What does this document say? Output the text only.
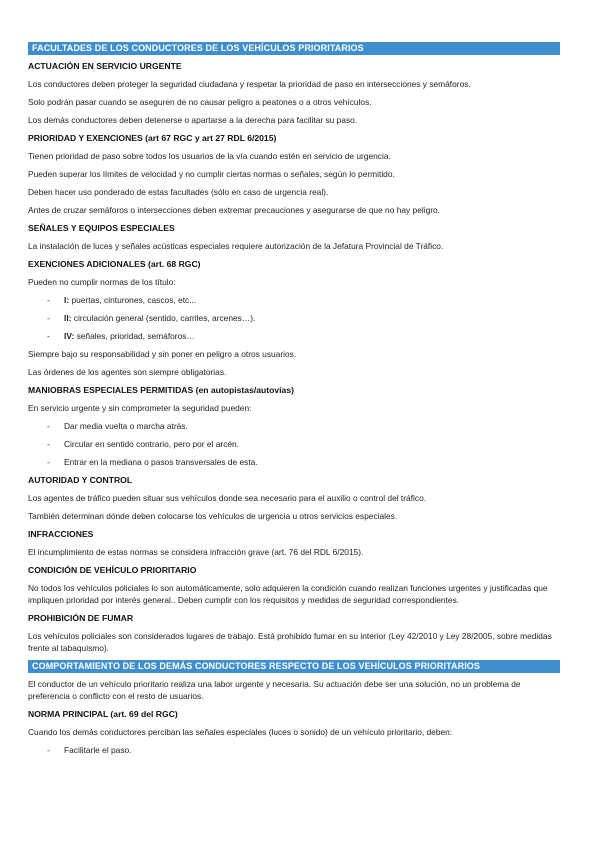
FACULTADES DE LOS CONDUCTORES DE LOS VEHÍCULOS PRIORITARIOS
ACTUACIÓN EN SERVICIO URGENTE
Los conductores deben proteger la seguridad ciudadana y respetar la prioridad de paso en intersecciones y semáforos.
Solo podrán pasar cuando se aseguren de no causar peligro a peatones o a otros vehículos.
Los demás conductores deben detenerse o apartarse a la derecha para facilitar su paso.
PRIORIDAD Y EXENCIONES (art 67 RGC y art 27 RDL 6/2015)
Tienen prioridad de paso sobre todos los usuarios de la vía cuando estén en servicio de urgencia.
Pueden superar los límites de velocidad y no cumplir ciertas normas o señales, según lo permitido.
Deben hacer uso ponderado de estas facultades (sólo en caso de urgencia real).
Antes de cruzar semáforos o intersecciones deben extremar precauciones y asegurarse de que no hay peligro.
SEÑALES Y EQUIPOS ESPECIALES
La instalación de luces y señales acústicas especiales requiere autorización de la Jefatura Provincial de Tráfico.
EXENCIONES ADICIONALES (art. 68 RGC)
Pueden no cumplir normas de los título:
- I: puertas, cinturones, cascos, etc...
- II: circulación general (sentido, carriles, arcenes…).
- IV: señales, prioridad, semáforos…
Siempre bajo su responsabilidad y sin poner en peligro a otros usuarios.
Las órdenes de los agentes son siempre obligatorias.
MANIOBRAS ESPECIALES PERMITIDAS (en autopistas/autovías)
En servicio urgente y sin comprometer la seguridad pueden:
- Dar media vuelta o marcha atrás.
- Circular en sentido contrario, pero por el arcén.
- Entrar en la mediana o pasos transversales de esta.
AUTORIDAD Y CONTROL
Los agentes de tráfico pueden situar sus vehículos donde sea necesario para el auxilio o control del tráfico.
También determinan dónde deben colocarse los vehículos de urgencia u otros servicios especiales.
INFRACCIONES
El incumplimiento de estas normas se considera infracción grave (art. 76 del RDL 6/2015).
CONDICIÓN DE VEHÍCULO PRIORITARIO
No todos los vehículos policiales lo son automáticamente, solo adquieren la condición cuando realizan funciones urgentes y justificadas que impliquen prioridad por interés general.. Deben cumplir con los requisitos y medidas de seguridad correspondientes.
PROHIBICIÓN DE FUMAR
Los vehículos policiales son considerados lugares de trabajo. Está prohibido fumar en su interior (Ley 42/2010 y Ley 28/2005, sobre medidas frente al tabaquismo).
COMPORTAMIENTO DE LOS DEMÁS CONDUCTORES RESPECTO DE LOS VEHÍCULOS PRIORITARIOS
El conductor de un vehículo prioritario realiza una labor urgente y necesaria. Su actuación debe ser una solución, no un problema de preferencia o conflicto con el resto de usuarios.
NORMA PRINCIPAL (art. 69 del RGC)
Cuando los demás conductores perciban las señales especiales (luces o sonido) de un vehículo prioritario, deben:
- Facilitarle el paso.
